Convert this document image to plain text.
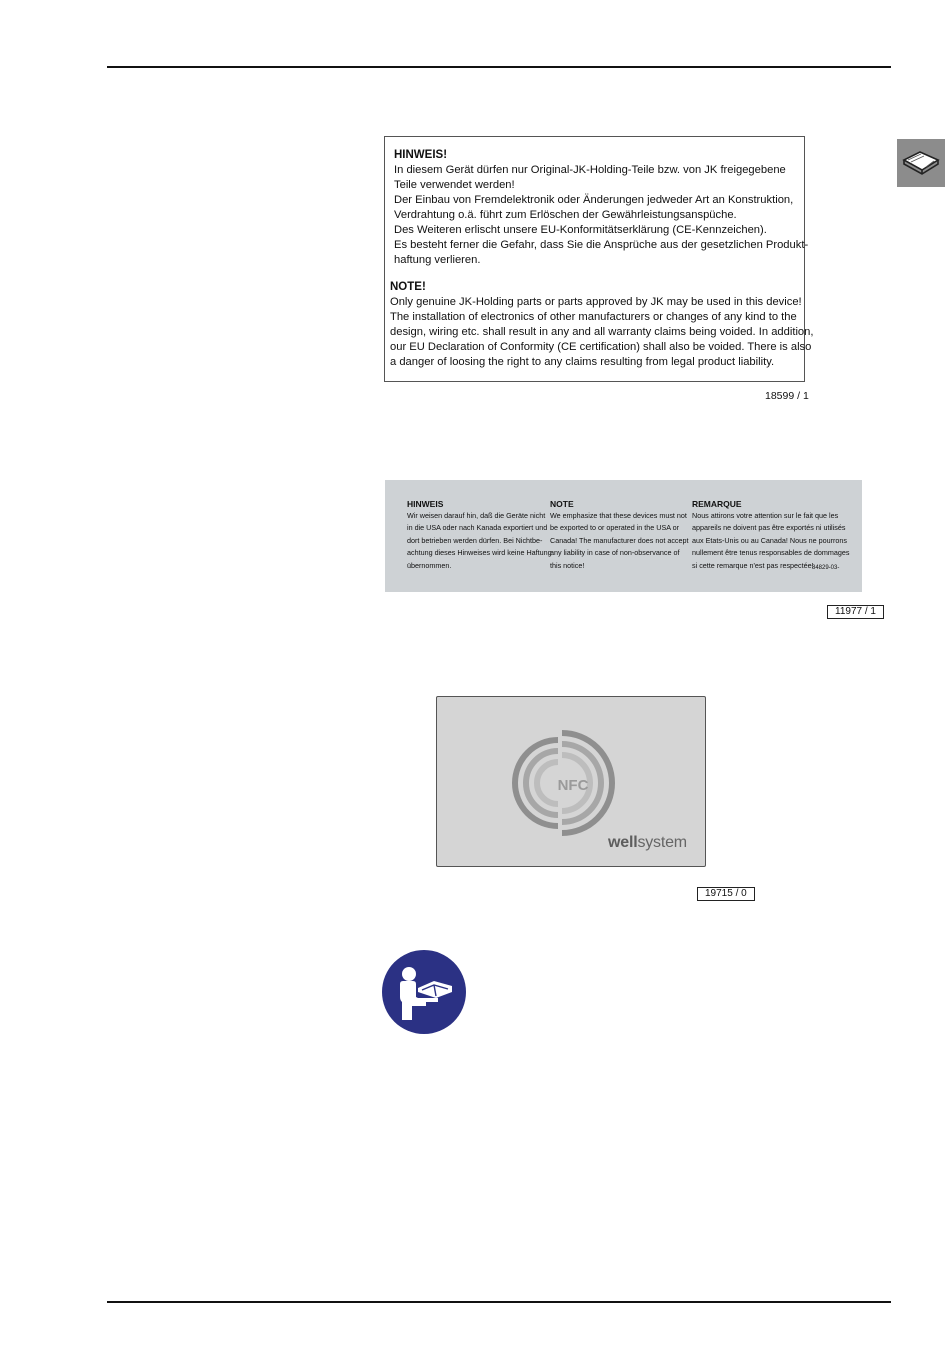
HINWEIS!
In diesem Gerät dürfen nur Original-JK-Holding-Teile bzw. von JK freigegebene
Teile verwendet werden!
Der Einbau von Fremdelektronik oder Änderungen jedweder Art an Konstruktion,
Verdrahtung o.ä. führt zum Erlöschen der Gewährleistungsanspüche.
Des Weiteren erlischt unsere EU-Konformitätserklärung (CE-Kennzeichen).
Es besteht ferner die Gefahr, dass Sie die Ansprüche aus der gesetzlichen Produkt-
haftung verlieren.
NOTE!
Only genuine JK-Holding parts or parts approved by JK may be used in this device!
The installation of electronics of other manufacturers or changes of any kind to the
design, wiring etc. shall result in any and all warranty claims being voided. In addition,
our EU Declaration of Conformity (CE certification) shall also be voided. There is also
a danger of loosing the right to any claims resulting from legal product liability.
18599 / 1
HINWEIS
Wir weisen darauf hin, daß die Geräte nicht
in die USA oder nach Kanada exportiert und
dort betrieben werden dürfen. Bei Nichtbe-
achtung dieses Hinweises wird keine Haftung
übernommen.
NOTE
We emphasize that these devices must not
be exported to or operated in the USA or
Canada! The manufacturer does not accept
any liability in case of non-observance of
this notice!
REMARQUE
Nous attirons votre attention sur le fait que les
appareils ne doivent pas être exportés ni utilisés
aux Etats-Unis ou au Canada! Nous ne pourrons
nullement être tenus responsables de dommages
si cette remarque n'est pas respectée!
84829-03-
11977 / 1
NFC
wellsystem
19715 / 0
